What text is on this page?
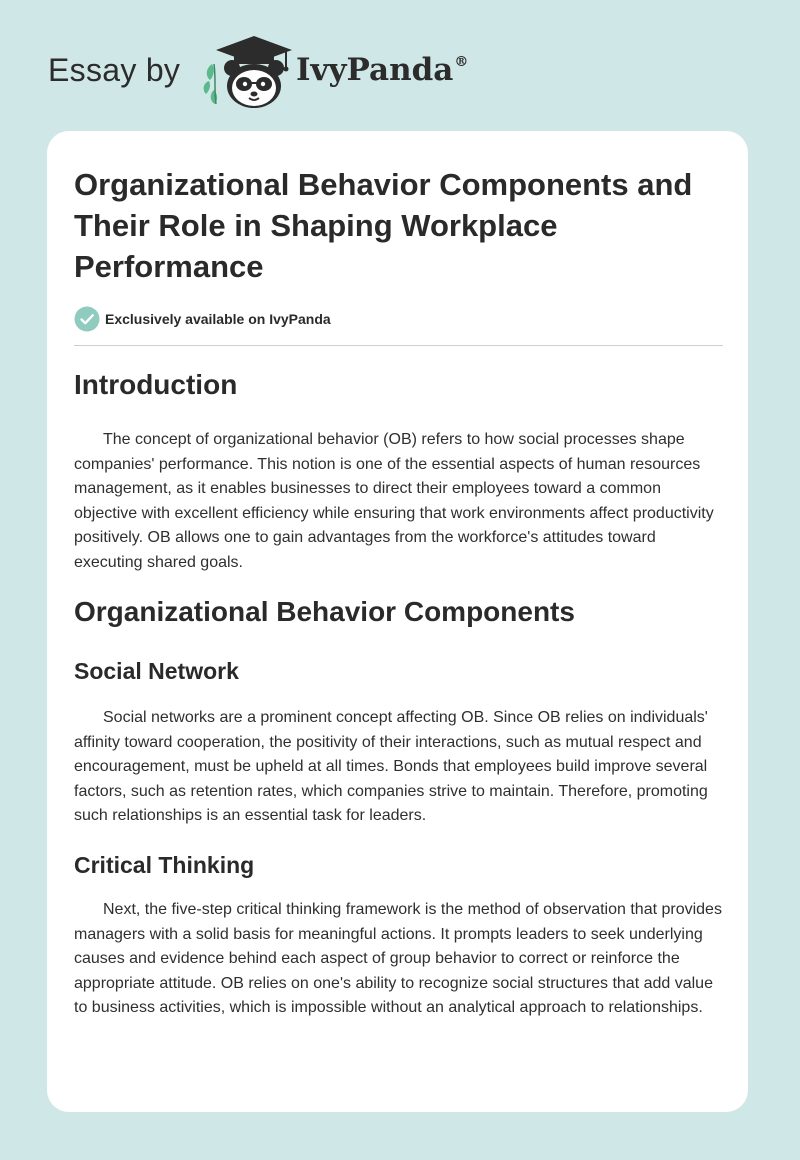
Essay by	IvyPanda®
Organizational Behavior Components and Their Role in Shaping Workplace Performance
Exclusively available on IvyPanda
Introduction

The concept of organizational behavior (OB) refers to how social processes shape companies' performance. This notion is one of the essential aspects of human resources management, as it enables businesses to direct their employees toward a common objective with excellent efficiency while ensuring that work environments affect productivity positively. OB allows one to gain advantages from the workforce's attitudes toward executing shared goals.

Organizational Behavior Components
Social Network

Social networks are a prominent concept affecting OB. Since OB relies on individuals' affinity toward cooperation, the positivity of their interactions, such as mutual respect and encouragement, must be upheld at all times. Bonds that employees build improve several factors, such as retention rates, which companies strive to maintain. Therefore, promoting such relationships is an essential task for leaders.

Critical Thinking

Next, the five-step critical thinking framework is the method of observation that provides managers with a solid basis for meaningful actions. It prompts leaders to seek underlying causes and evidence behind each aspect of group behavior to correct or reinforce the appropriate attitude. OB relies on one's ability to recognize social structures that add value to business activities, which is impossible without an analytical approach to relationships.
